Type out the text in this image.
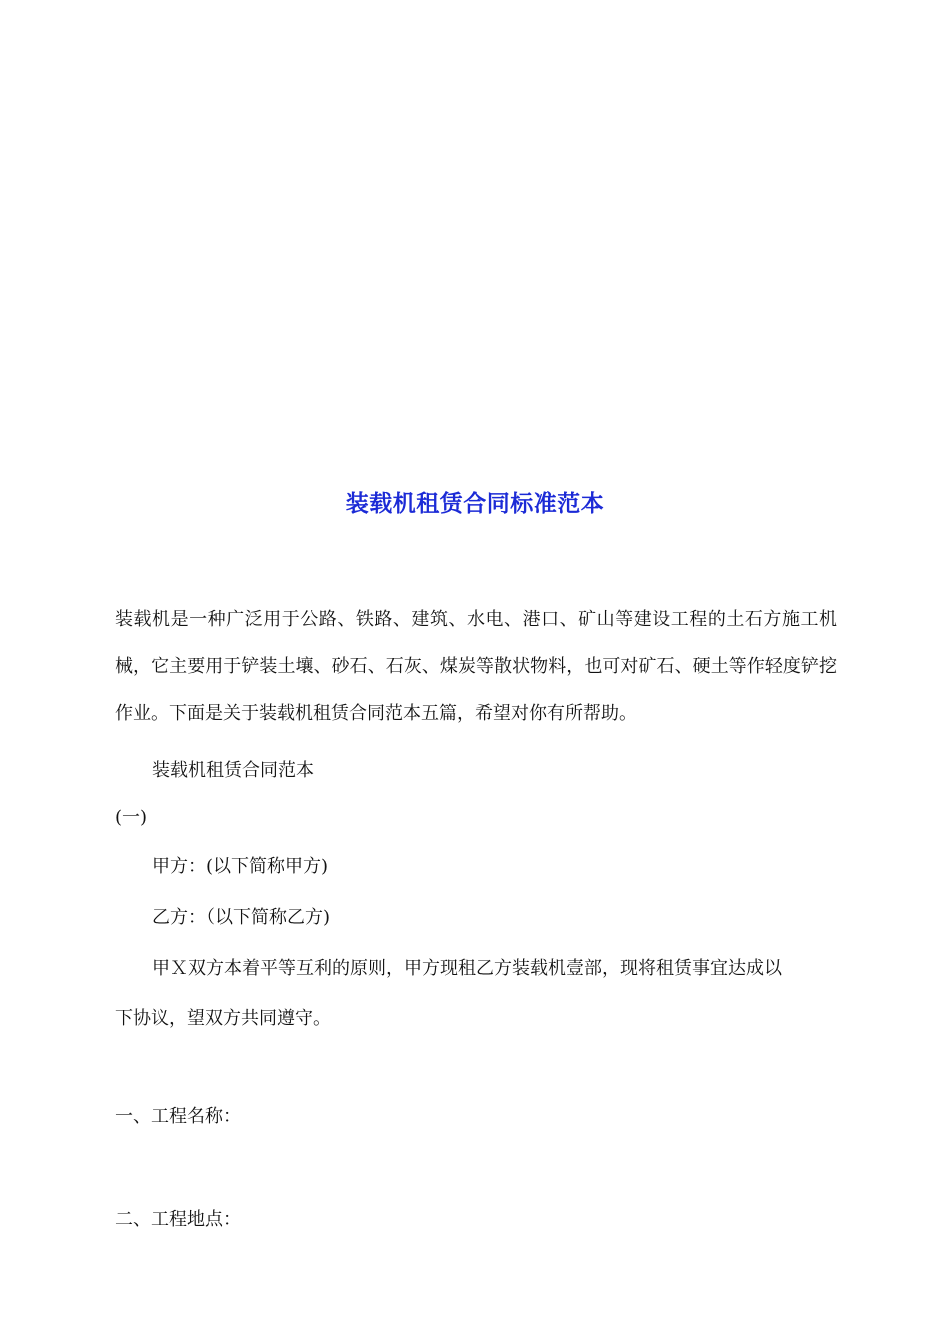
装载机租赁合同标准范本
装载机是一种广泛用于公路、铁路、建筑、水电、港口、矿山等建设工程的土石方施工机械，它主要用于铲装土壤、砂石、石灰、煤炭等散状物料，也可对矿石、硬土等作轻度铲挖作业。下面是关于装载机租赁合同范本五篇，希望对你有所帮助。
装载机租赁合同范本
(一)
甲方：(以下简称甲方)
乙方：（以下简称乙方)
甲Ｘ双方本着平等互利的原则，甲方现租乙方装载机壹部，现将租赁事宜达成以
下协议，望双方共同遵守。
一、工程名称：
二、工程地点：
